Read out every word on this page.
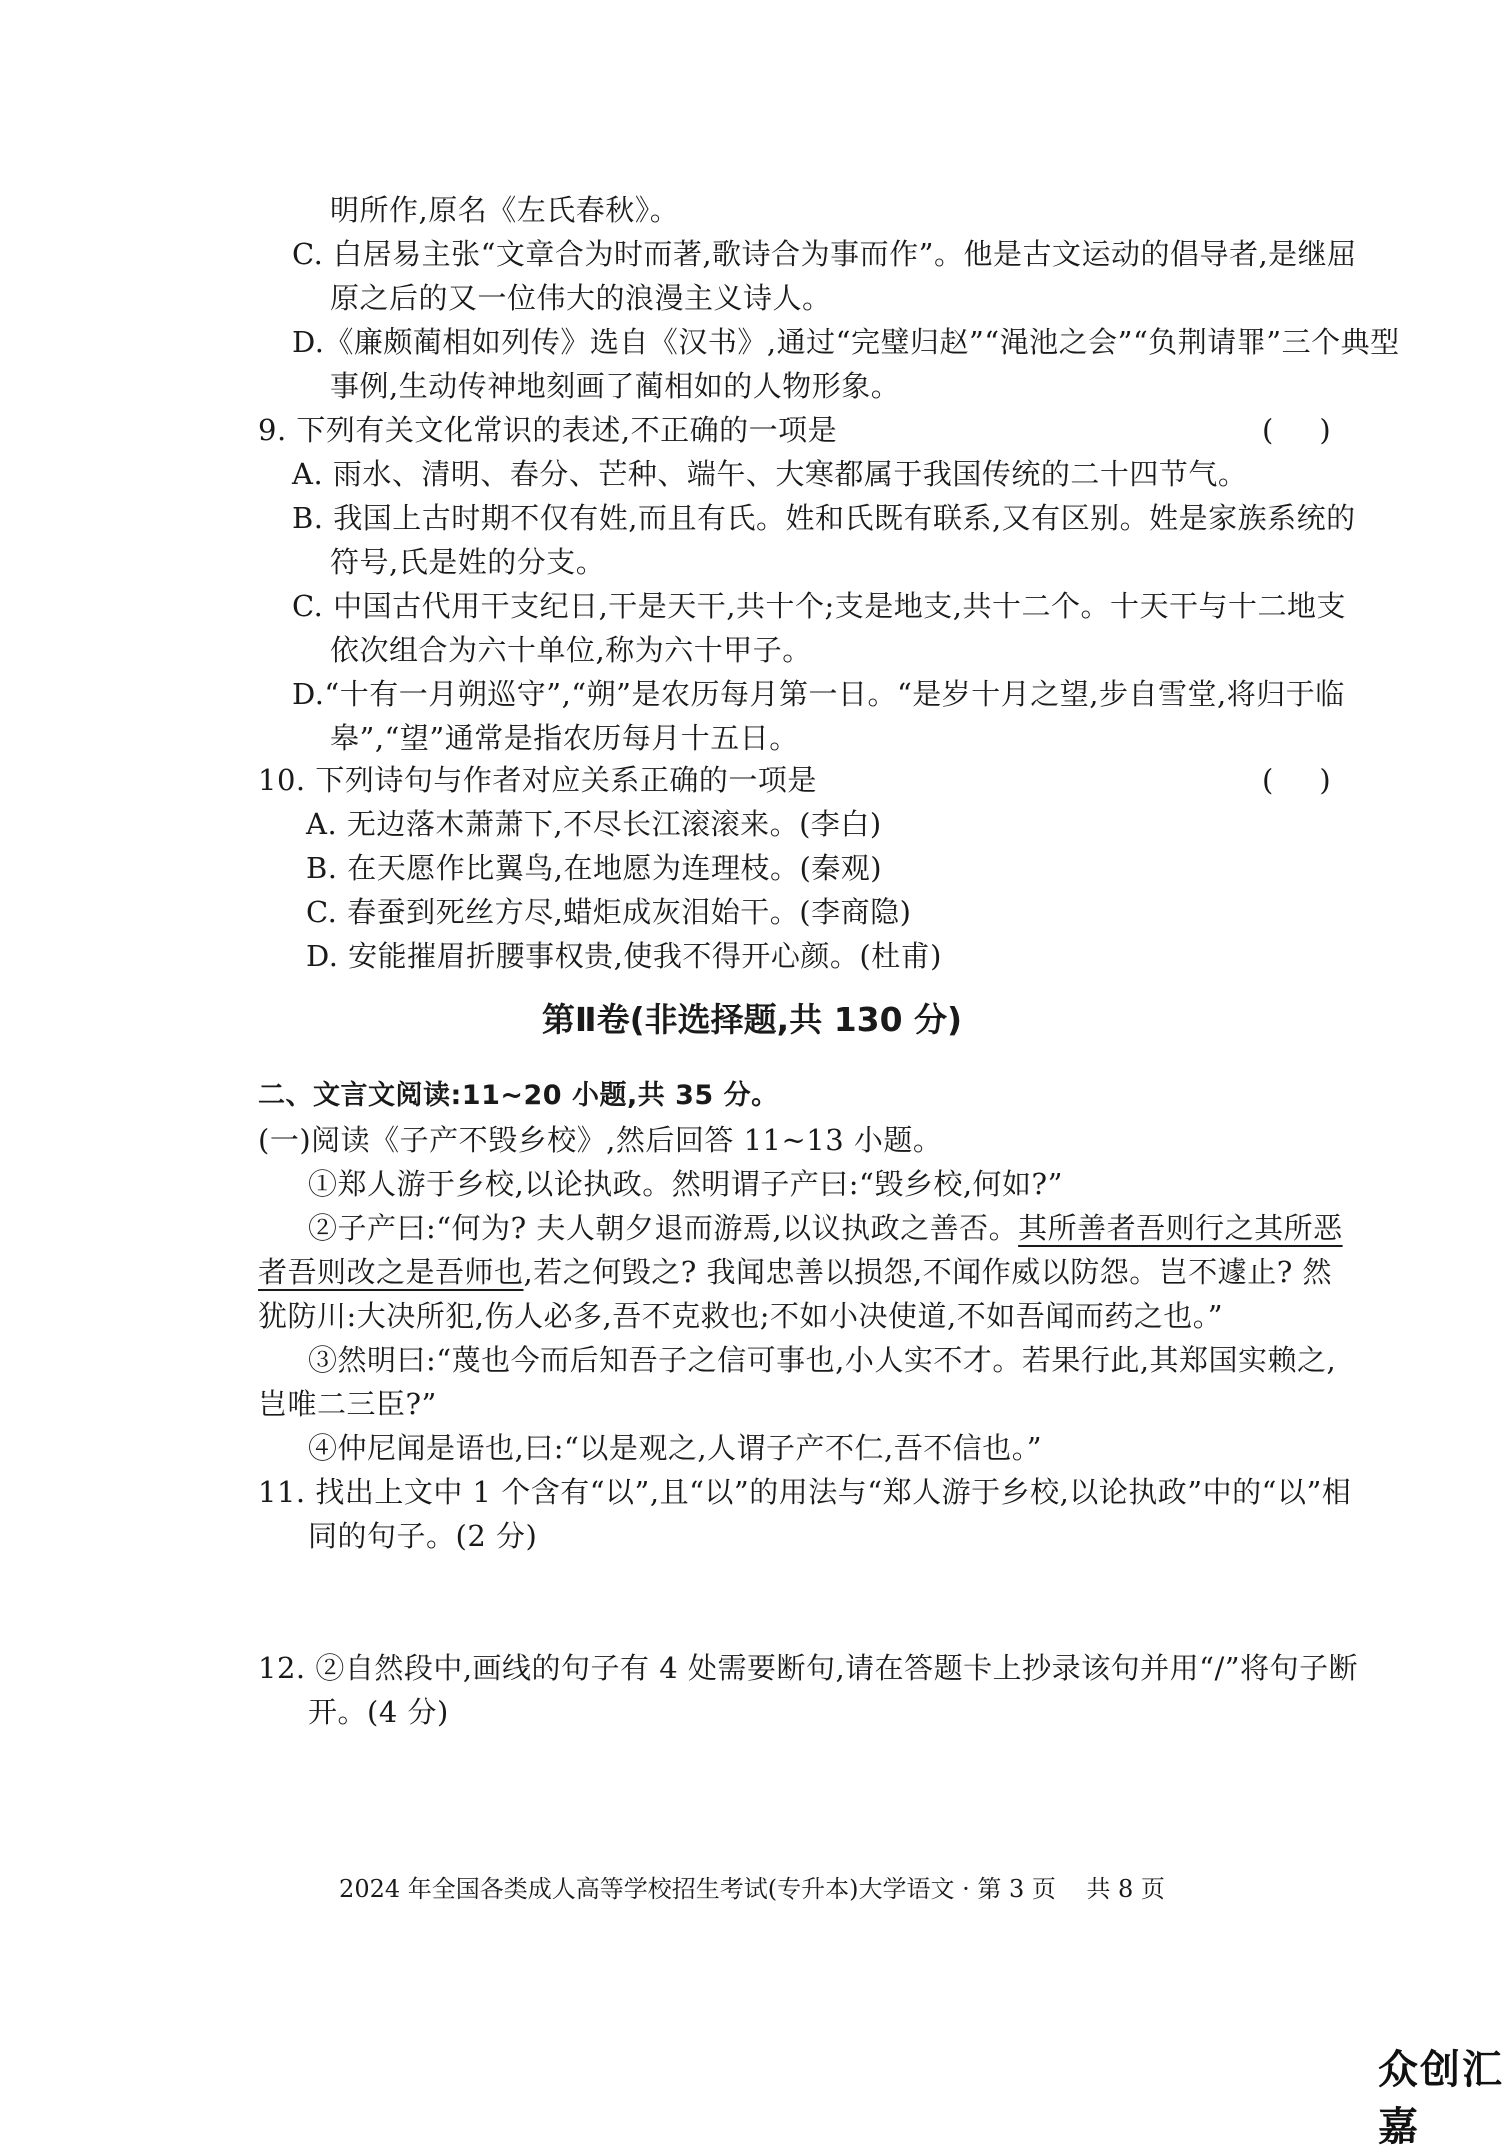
明所作,原名《左氏春秋》。
C. 白居易主张“文章合为时而著,歌诗合为事而作”。他是古文运动的倡导者,是继屈
原之后的又一位伟大的浪漫主义诗人。
D.《廉颇蔺相如列传》选自《汉书》,通过“完璧归赵”“渑池之会”“负荆请罪”三个典型
事例,生动传神地刻画了蔺相如的人物形象。
9. 下列有关文化常识的表述,不正确的一项是	(     )
A. 雨水、清明、春分、芒种、端午、大寒都属于我国传统的二十四节气。
B. 我国上古时期不仅有姓,而且有氏。姓和氏既有联系,又有区别。姓是家族系统的
符号,氏是姓的分支。
C. 中国古代用干支纪日,干是天干,共十个;支是地支,共十二个。十天干与十二地支
依次组合为六十单位,称为六十甲子。
D.“十有一月朔巡守”,“朔”是农历每月第一日。“是岁十月之望,步自雪堂,将归于临
皋”,“望”通常是指农历每月十五日。
10. 下列诗句与作者对应关系正确的一项是	(     )
A. 无边落木萧萧下,不尽长江滚滚来。(李白)
B. 在天愿作比翼鸟,在地愿为连理枝。(秦观)
C. 春蚕到死丝方尽,蜡炬成灰泪始干。(李商隐)
D. 安能摧眉折腰事权贵,使我不得开心颜。(杜甫)
第Ⅱ卷(非选择题,共 130 分)
二、文言文阅读:11~20 小题,共 35 分。
(一)阅读《子产不毁乡校》,然后回答 11~13 小题。
①郑人游于乡校,以论执政。然明谓子产曰:“毁乡校,何如?”
②子产曰:“何为? 夫人朝夕退而游焉,以议执政之善否。其所善者吾则行之其所恶
者吾则改之是吾师也,若之何毁之? 我闻忠善以损怨,不闻作威以防怨。岂不遽止? 然
犹防川:大决所犯,伤人必多,吾不克救也;不如小决使道,不如吾闻而药之也。”
③然明曰:“蔑也今而后知吾子之信可事也,小人实不才。若果行此,其郑国实赖之,
岂唯二三臣?”
④仲尼闻是语也,曰:“以是观之,人谓子产不仁,吾不信也。”
11. 找出上文中 1 个含有“以”,且“以”的用法与“郑人游于乡校,以论执政”中的“以”相
同的句子。(2 分)
12. ②自然段中,画线的句子有 4 处需要断句,请在答题卡上抄录该句并用“/”将句子断
开。(4 分)
2024 年全国各类成人高等学校招生考试(专升本)大学语文 · 第 3 页    共 8 页
众创汇嘉
